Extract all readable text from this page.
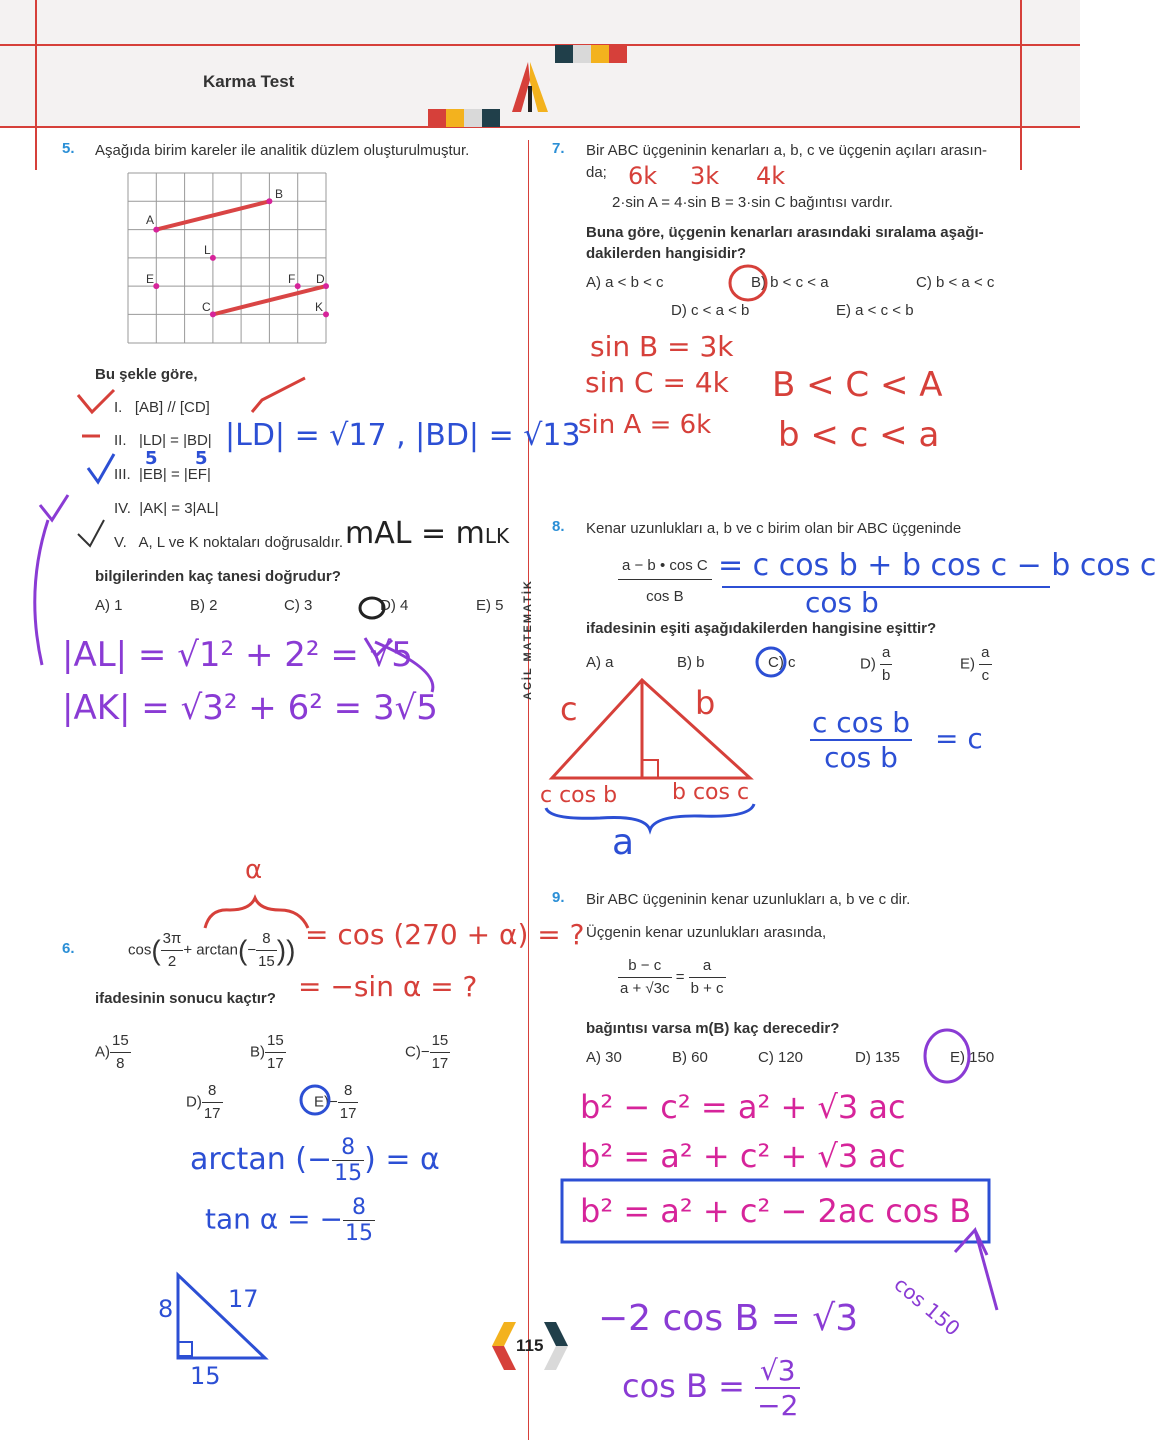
Karma Test
ACİL MATEMATİK
5. Aşağıda birim kareler ile analitik düzlem oluşturulmuştur.
A
B
L
E	F D
C	K
Bu şekle göre,
I.   [AB] // [CD]
II.   |LD| = |BD|
III.  |EB| = |EF|
IV.  |AK| = 3|AL|
V.   A, L ve K noktaları doğrusaldır.
bilgilerinden kaç tanesi doğrudur?
A) 1	B) 2	C) 3	D) 4	E) 5
|LD| = √17 , |BD| = √13
5 5
mAL = mLK
|AL| = √1² + 2² = √5
|AK| = √3² + 6² = 3√5
6.	$\cos( \frac{3\pi}{2} + \arctan(- \frac{8}{15}$ ))
ifadesinin sonucu kaçtır?
$A) \frac{15}{8}$	$B) \frac{15}{17}$	$C)- \frac{15}{17}$
$D) \frac{8}{17}$	$E)- \frac{8}{17}$
α
= cos (270 + α) = ?
= −sin α = ?
arctan (− $\frac{8}{15}$ ) = α
tan α = − $\frac{8}{15}$
8 17
15
7. Bir ABC üçgeninin kenarları a, b, c ve üçgenin açıları arasın-
da;
2·sin A = 4·sin B = 3·sin C bağıntısı vardır.
Buna göre, üçgenin kenarları arasındaki sıralama aşağı-
dakilerden hangisidir?
A) a < b < c	B) b < c < a	C) b < a < c
D) c < a < b	E) a < c < b
6k 3k 4k
sin B = 3k
sin C = 4k
sin A = 6k
B < C < A
b < c < a
8. Kenar uzunlukları a, b ve c birim olan bir ABC üçgeninde
$\frac{\text{a − b • cos C}}{\text{cos B}}$
ifadesinin eşiti aşağıdakilerden hangisine eşittir?
A) a	B) b	C) c	$D) \frac{a}{b}$	$E) \frac{a}{c}$
= c cos b + b cos c − b cos c
cos b
c	b
c cos b b cos c
a
$\frac{\text{c cos b}}{\text{cos b}} = c$
9. Bir ABC üçgeninin kenar uzunlukları a, b ve c dir.
Üçgenin kenar uzunlukları arasında,
$\frac{b - c}{a + √3c} = \frac{a}{b + c}$
bağıntısı varsa m(B) kaç derecedir?
A) 30	B) 60	C) 120	D) 135	E) 150
b² − c² = a² + √3 ac
b² = a² + c² + √3 ac
b² = a² + c² − 2ac cos B
cos 150
−2 cos B = √3
$\cos B = \frac{√3}{-2}$
115
